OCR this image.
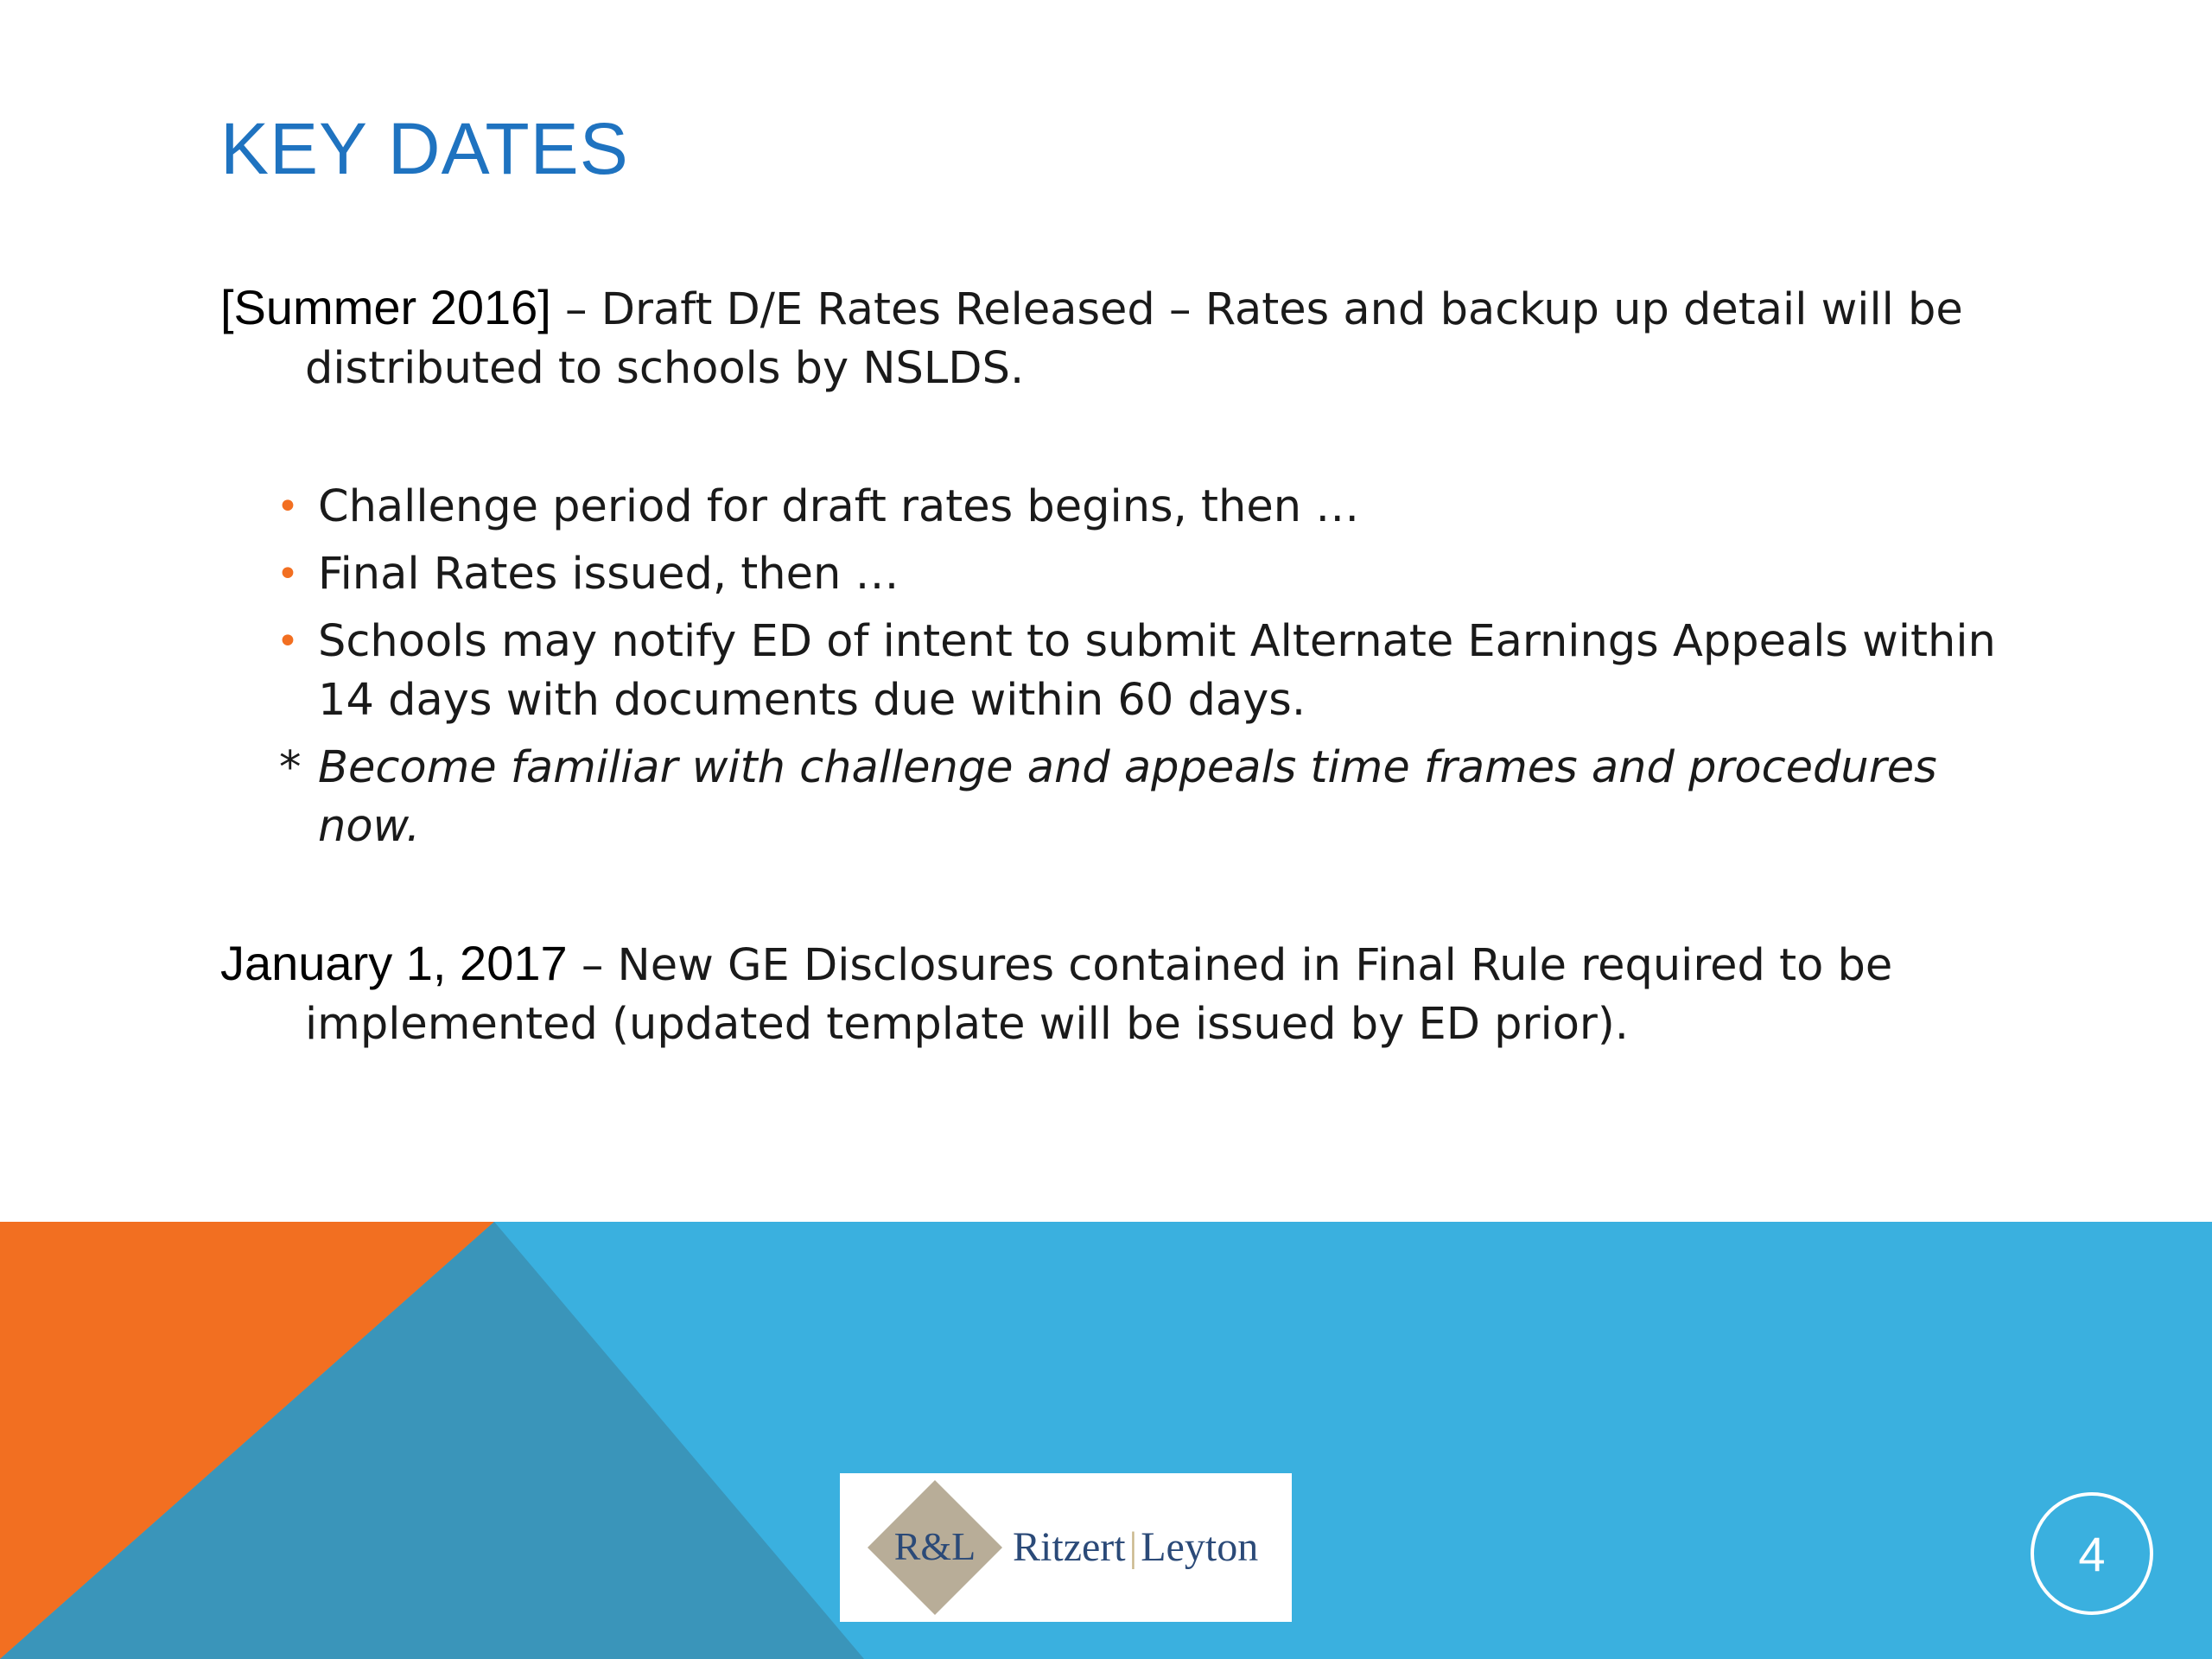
KEY DATES

[Summer 2016] – Draft D/E Rates Released – Rates and backup up detail will be distributed to schools by NSLDS.

• Challenge period for draft rates begins, then …
• Final Rates issued, then …
• Schools may notify ED of intent to submit Alternate Earnings Appeals within 14 days with documents due within 60 days.
* Become familiar with challenge and appeals time frames and procedures now.

January 1, 2017 – New GE Disclosures contained in Final Rule required to be implemented (updated template will be issued by ED prior).

R&L Ritzert|Leyton	4
